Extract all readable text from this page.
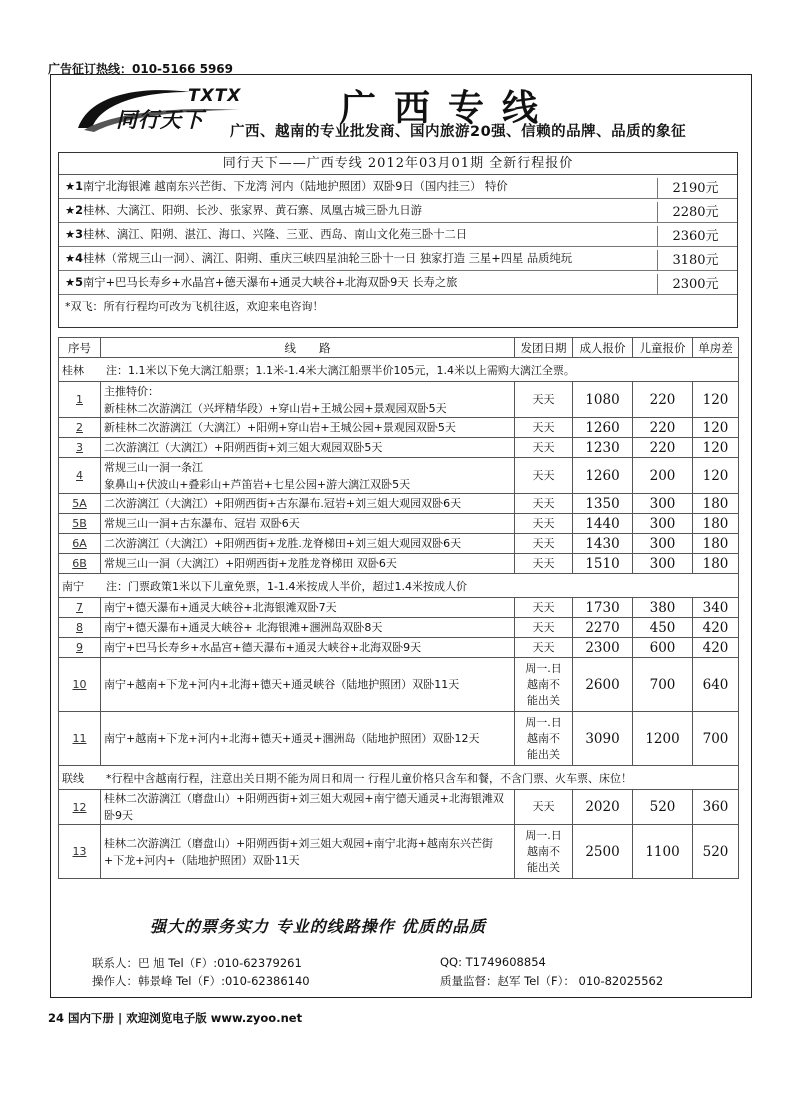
广告征订热线：010-5166 5969
TXTX
同行天下	广西专线
广西、越南的专业批发商、国内旅游20强、信赖的品牌、品质的象征
同行天下——广西专线 2012年03月01期 全新行程报价
★1南宁北海银滩 越南东兴芒街、下龙湾 河内（陆地护照团）双卧9日（国内挂三） 特价	2190元
★2桂林、大漓江、阳朔、长沙、张家界、黄石寨、凤凰古城三卧九日游	2280元
★3桂林、漓江、阳朔、湛江、海口、兴隆、三亚、西岛、南山文化苑三卧十二日	2360元
★4桂林（常规三山一洞）、漓江、阳朔、重庆三峡四星油轮三卧十一日 独家打造 三星+四星 品质纯玩	3180元
★5南宁+巴马长寿乡+水晶宫+德天瀑布+通灵大峡谷+北海双卧9天 长寿之旅	2300元
*双飞：所有行程均可改为飞机往返，欢迎来电咨询！
序号	线　　路	发团日期	成人报价	儿童报价	单房差
桂林 注：1.1米以下免大漓江船票；1.1米-1.4米大漓江船票半价105元，1.4米以上需购大漓江全票。					
1	主推特价：
新桂林二次游漓江（兴坪精华段）+穿山岩+王城公园+景观园双卧5天	天天	1080	220	120
2	新桂林二次游漓江（大漓江）+阳朔+穿山岩+王城公园+景观园双卧5天	天天	1260	220	120
3	二次游漓江（大漓江）+阳朔西街+刘三姐大观园双卧5天	天天	1230	220	120
4	常规三山一洞一条江
象鼻山+伏波山+叠彩山+芦笛岩+七星公园+游大漓江双卧5天	天天	1260	200	120
5A	二次游漓江（大漓江）+阳朔西街+古东瀑布.冠岩+刘三姐大观园双卧6天	天天	1350	300	180
5B	常规三山一洞+古东瀑布、冠岩 双卧6天	天天	1440	300	180
6A	二次游漓江（大漓江）+阳朔西街+龙胜.龙脊梯田+刘三姐大观园双卧6天	天天	1430	300	180
6B	常规三山一洞（大漓江）+阳朔西街+龙胜龙脊梯田 双卧6天	天天	1510	300	180
南宁 注：门票政策1米以下儿童免票，1-1.4米按成人半价，超过1.4米按成人价					
7	南宁+德天瀑布+通灵大峡谷+北海银滩双卧7天	天天	1730	380	340
8	南宁+德天瀑布+通灵大峡谷+ 北海银滩+涠洲岛双卧8天	天天	2270	450	420
9	南宁+巴马长寿乡+水晶宫+德天瀑布+通灵大峡谷+北海双卧9天	天天	2300	600	420
10	南宁+越南+下龙+河内+北海+德天+通灵峡谷（陆地护照团）双卧11天	周一.日越南不能出关	2600	700	640
11	南宁+越南+下龙+河内+北海+德天+通灵+涠洲岛（陆地护照团）双卧12天	周一.日越南不能出关	3090	1200	700
联线 *行程中含越南行程，注意出关日期不能为周日和周一 行程儿童价格只含车和餐，不含门票、火车票、床位！					
12	桂林二次游漓江（磨盘山）+阳朔西街+刘三姐大观园+南宁德天通灵+北海银滩双卧9天	天天	2020	520	360
13	桂林二次游漓江（磨盘山）+阳朔西街+刘三姐大观园+南宁北海+越南东兴芒街+下龙+河内+（陆地护照团）双卧11天	周一.日越南不能出关	2500	1100	520
强大的票务实力 专业的线路操作 优质的品质
联系人：巴 旭 Tel（F）:010-62379261
操作人：韩景峰 Tel（F）:010-62386140
QQ: T1749608854
质量监督：赵军 Tel（F）： 010-82025562
24 国内下册 | 欢迎浏览电子版 www.zyoo.net
